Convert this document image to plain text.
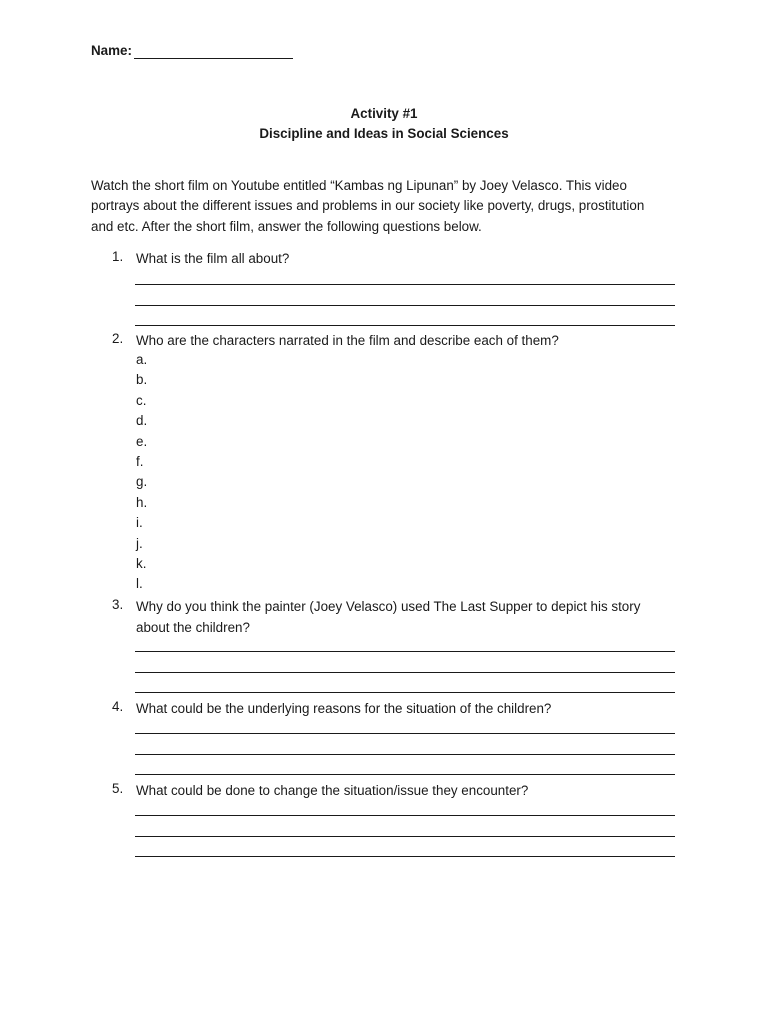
Name:
Activity #1
Discipline and Ideas in Social Sciences
Watch the short film on Youtube entitled “Kambas ng Lipunan” by Joey Velasco. This video
portrays about the different issues and problems in our society like poverty, drugs, prostitution
and etc. After the short film, answer the following questions below.
1. What is the film all about?
2. Who are the characters narrated in the film and describe each of them?
a.
b.
c.
d.
e.
f.
g.
h.
i.
j.
k.
l.
3. Why do you think the painter (Joey Velasco) used The Last Supper to depict his story
about the children?
4. What could be the underlying reasons for the situation of the children?
5. What could be done to change the situation/issue they encounter?
